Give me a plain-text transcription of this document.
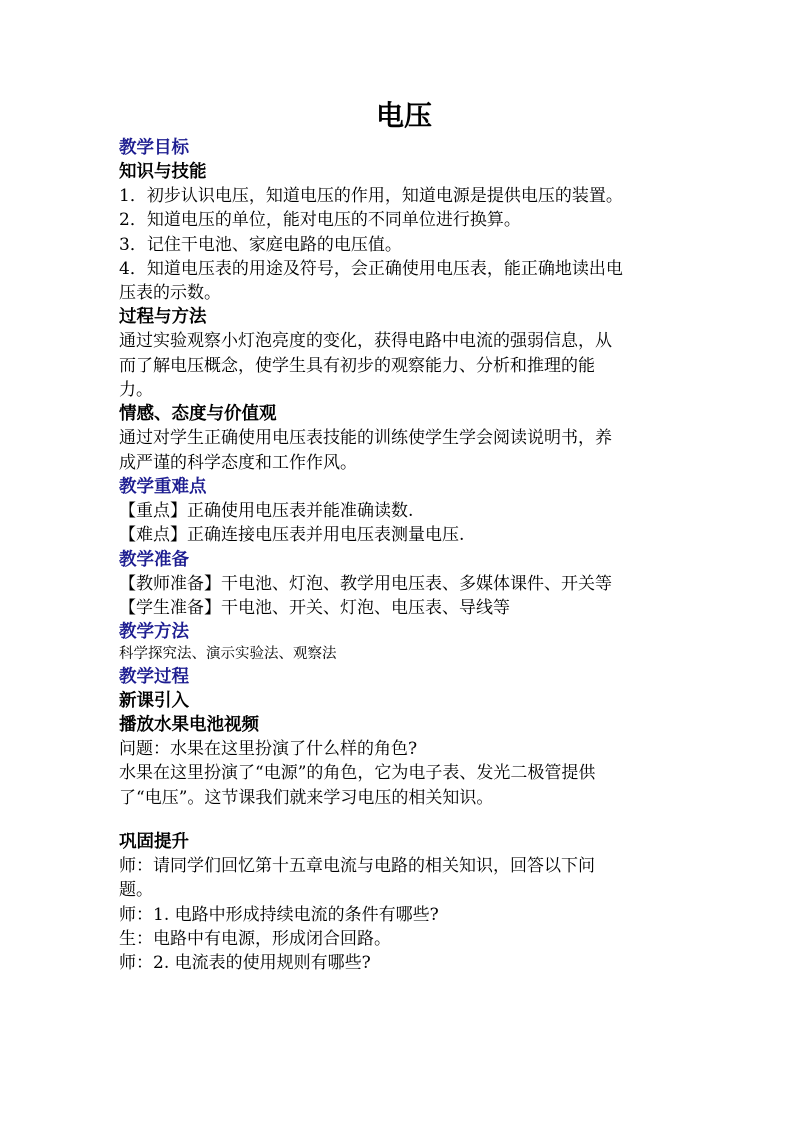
电压
教学目标
知识与技能
1．初步认识电压，知道电压的作用，知道电源是提供电压的装置。
2．知道电压的单位，能对电压的不同单位进行换算。
3．记住干电池、家庭电路的电压值。
4．知道电压表的用途及符号，会正确使用电压表，能正确地读出电
压表的示数。
过程与方法
通过实验观察小灯泡亮度的变化，获得电路中电流的强弱信息，从
而了解电压概念，使学生具有初步的观察能力、分析和推理的能
力。
情感、态度与价值观
通过对学生正确使用电压表技能的训练使学生学会阅读说明书，养
成严谨的科学态度和工作作风。
教学重难点
【重点】正确使用电压表并能准确读数.
【难点】正确连接电压表并用电压表测量电压.
教学准备
【教师准备】干电池、灯泡、教学用电压表、多媒体课件、开关等
【学生准备】干电池、开关、灯泡、电压表、导线等
教学方法
科学探究法、演示实验法、观察法
教学过程
新课引入
播放水果电池视频
问题：水果在这里扮演了什么样的角色?
水果在这里扮演了“电源”的角色，它为电子表、发光二极管提供
了“电压”。这节课我们就来学习电压的相关知识。
巩固提升
师：请同学们回忆第十五章电流与电路的相关知识，回答以下问
题。
师：1. 电路中形成持续电流的条件有哪些?
生：电路中有电源，形成闭合回路。
师：2. 电流表的使用规则有哪些?
